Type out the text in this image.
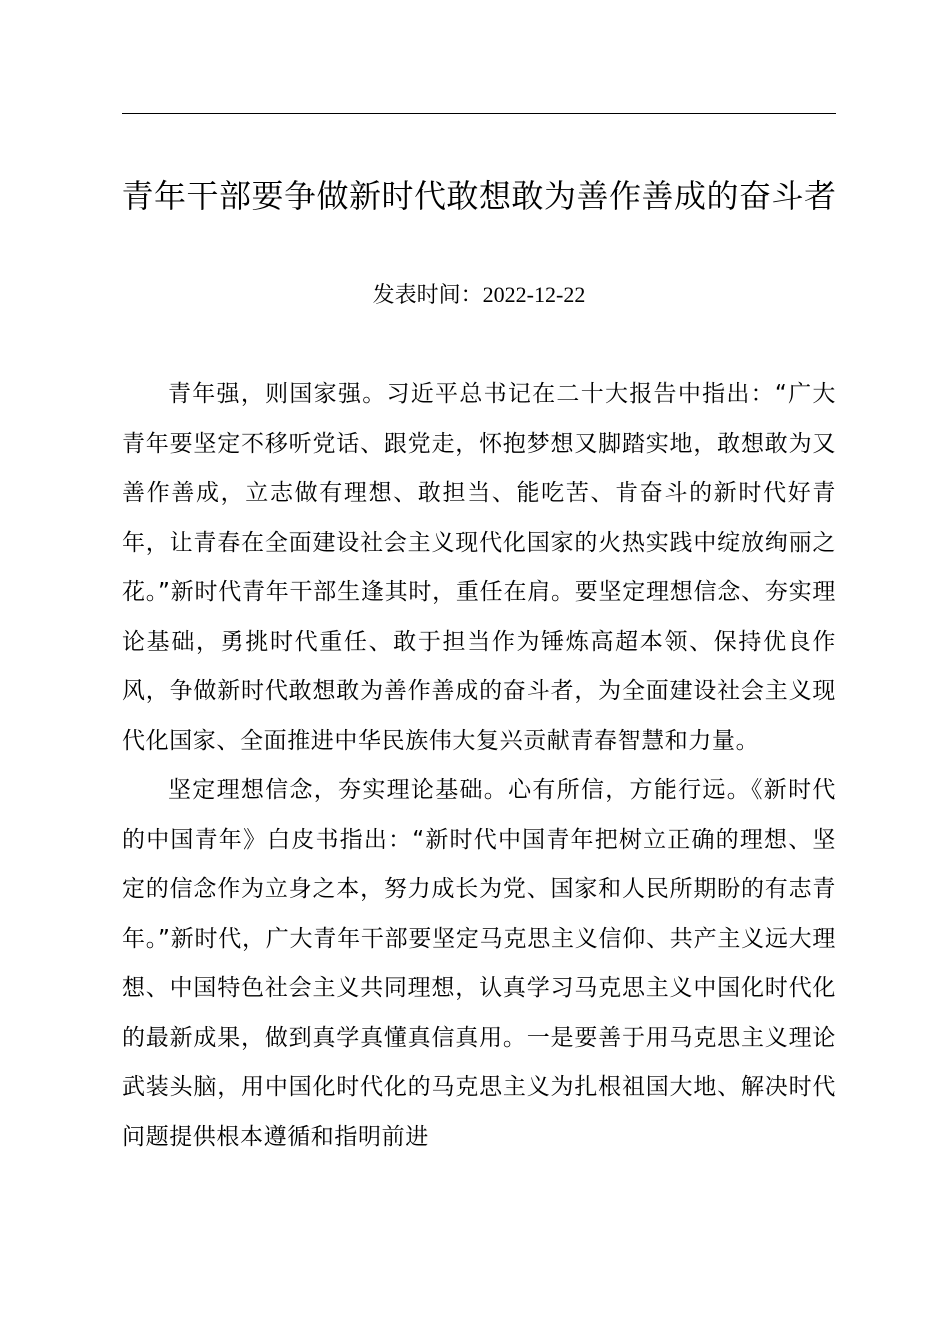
青年干部要争做新时代敢想敢为善作善成的奋斗者
发表时间：2022-12-22

青年强，则国家强。习近平总书记在二十大报告中指出：“广大青年要坚定不移听党话、跟党走，怀抱梦想又脚踏实地，敢想敢为又善作善成，立志做有理想、敢担当、能吃苦、肯奋斗的新时代好青年，让青春在全面建设社会主义现代化国家的火热实践中绽放绚丽之花。”新时代青年干部生逢其时，重任在肩。要坚定理想信念、夯实理论基础，勇挑时代重任、敢于担当作为锤炼高超本领、保持优良作风，争做新时代敢想敢为善作善成的奋斗者，为全面建设社会主义现代化国家、全面推进中华民族伟大复兴贡献青春智慧和力量。

坚定理想信念，夯实理论基础。心有所信，方能行远。《新时代的中国青年》白皮书指出：“新时代中国青年把树立正确的理想、坚定的信念作为立身之本，努力成长为党、国家和人民所期盼的有志青年。”新时代，广大青年干部要坚定马克思主义信仰、共产主义远大理想、中国特色社会主义共同理想，认真学习马克思主义中国化时代化的最新成果，做到真学真懂真信真用。一是要善于用马克思主义理论武装头脑，用中国化时代化的马克思主义为扎根祖国大地、解决时代问题提供根本遵循和指明前进
